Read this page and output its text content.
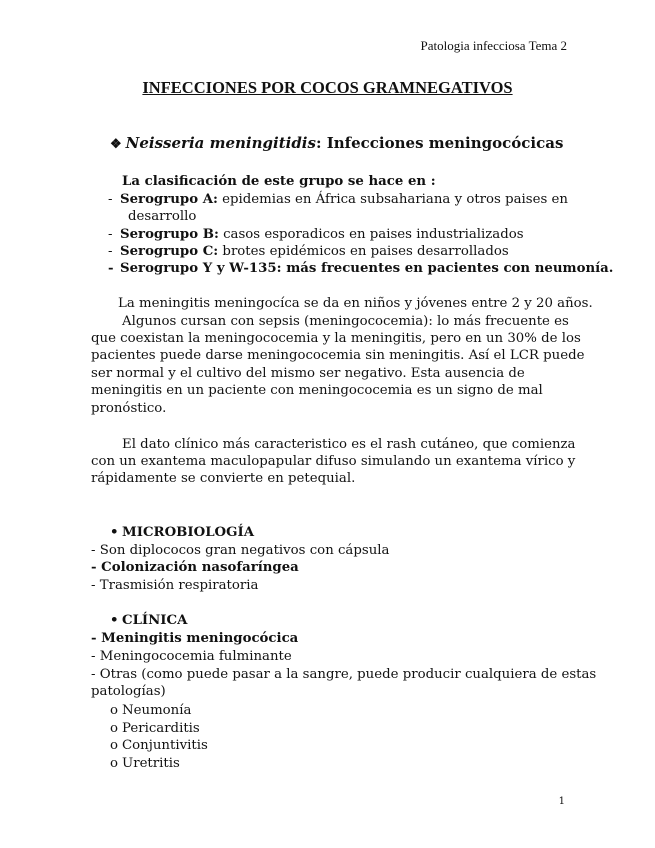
Patologia infecciosa Tema 2
INFECCIONES POR COCOS GRAMNEGATIVOS
❖ Neisseria meningitidis: Infecciones meningocócicas
La clasificación de este grupo se hace en :
- Serogrupo A: epidemias en África subsahariana y otros paises en
desarrollo
- Serogrupo B: casos esporadicos en paises industrializados
- Serogrupo C: brotes epidémicos en paises desarrollados
- Serogrupo Y y W-135: más frecuentes en pacientes con neumonía.
La meningitis meningocíca se da en niños y jóvenes entre 2 y 20 años.
Algunos cursan con sepsis (meningococemia): lo más frecuente es
que coexistan la meningococemia y la meningitis, pero en un 30% de los
pacientes puede darse meningococemia sin meningitis. Así el LCR puede
ser normal y el cultivo del mismo ser negativo. Esta ausencia de
meningitis en un paciente con meningococemia es un signo de mal
pronóstico.
El dato clínico más caracteristico es el rash cutáneo, que comienza
con un exantema maculopapular difuso simulando un exantema vírico y
rápidamente se convierte en petequial.
• MICROBIOLOGÍA
- Son diplococos gran negativos con cápsula
- Colonización nasofaríngea
- Trasmisión respiratoria
• CLÍNICA
- Meningitis meningocócica
- Meningococemia fulminante
- Otras (como puede pasar a la sangre, puede producir cualquiera de estas
patologías)
o Neumonía
o Pericarditis
o Conjuntivitis
o Uretritis
1
